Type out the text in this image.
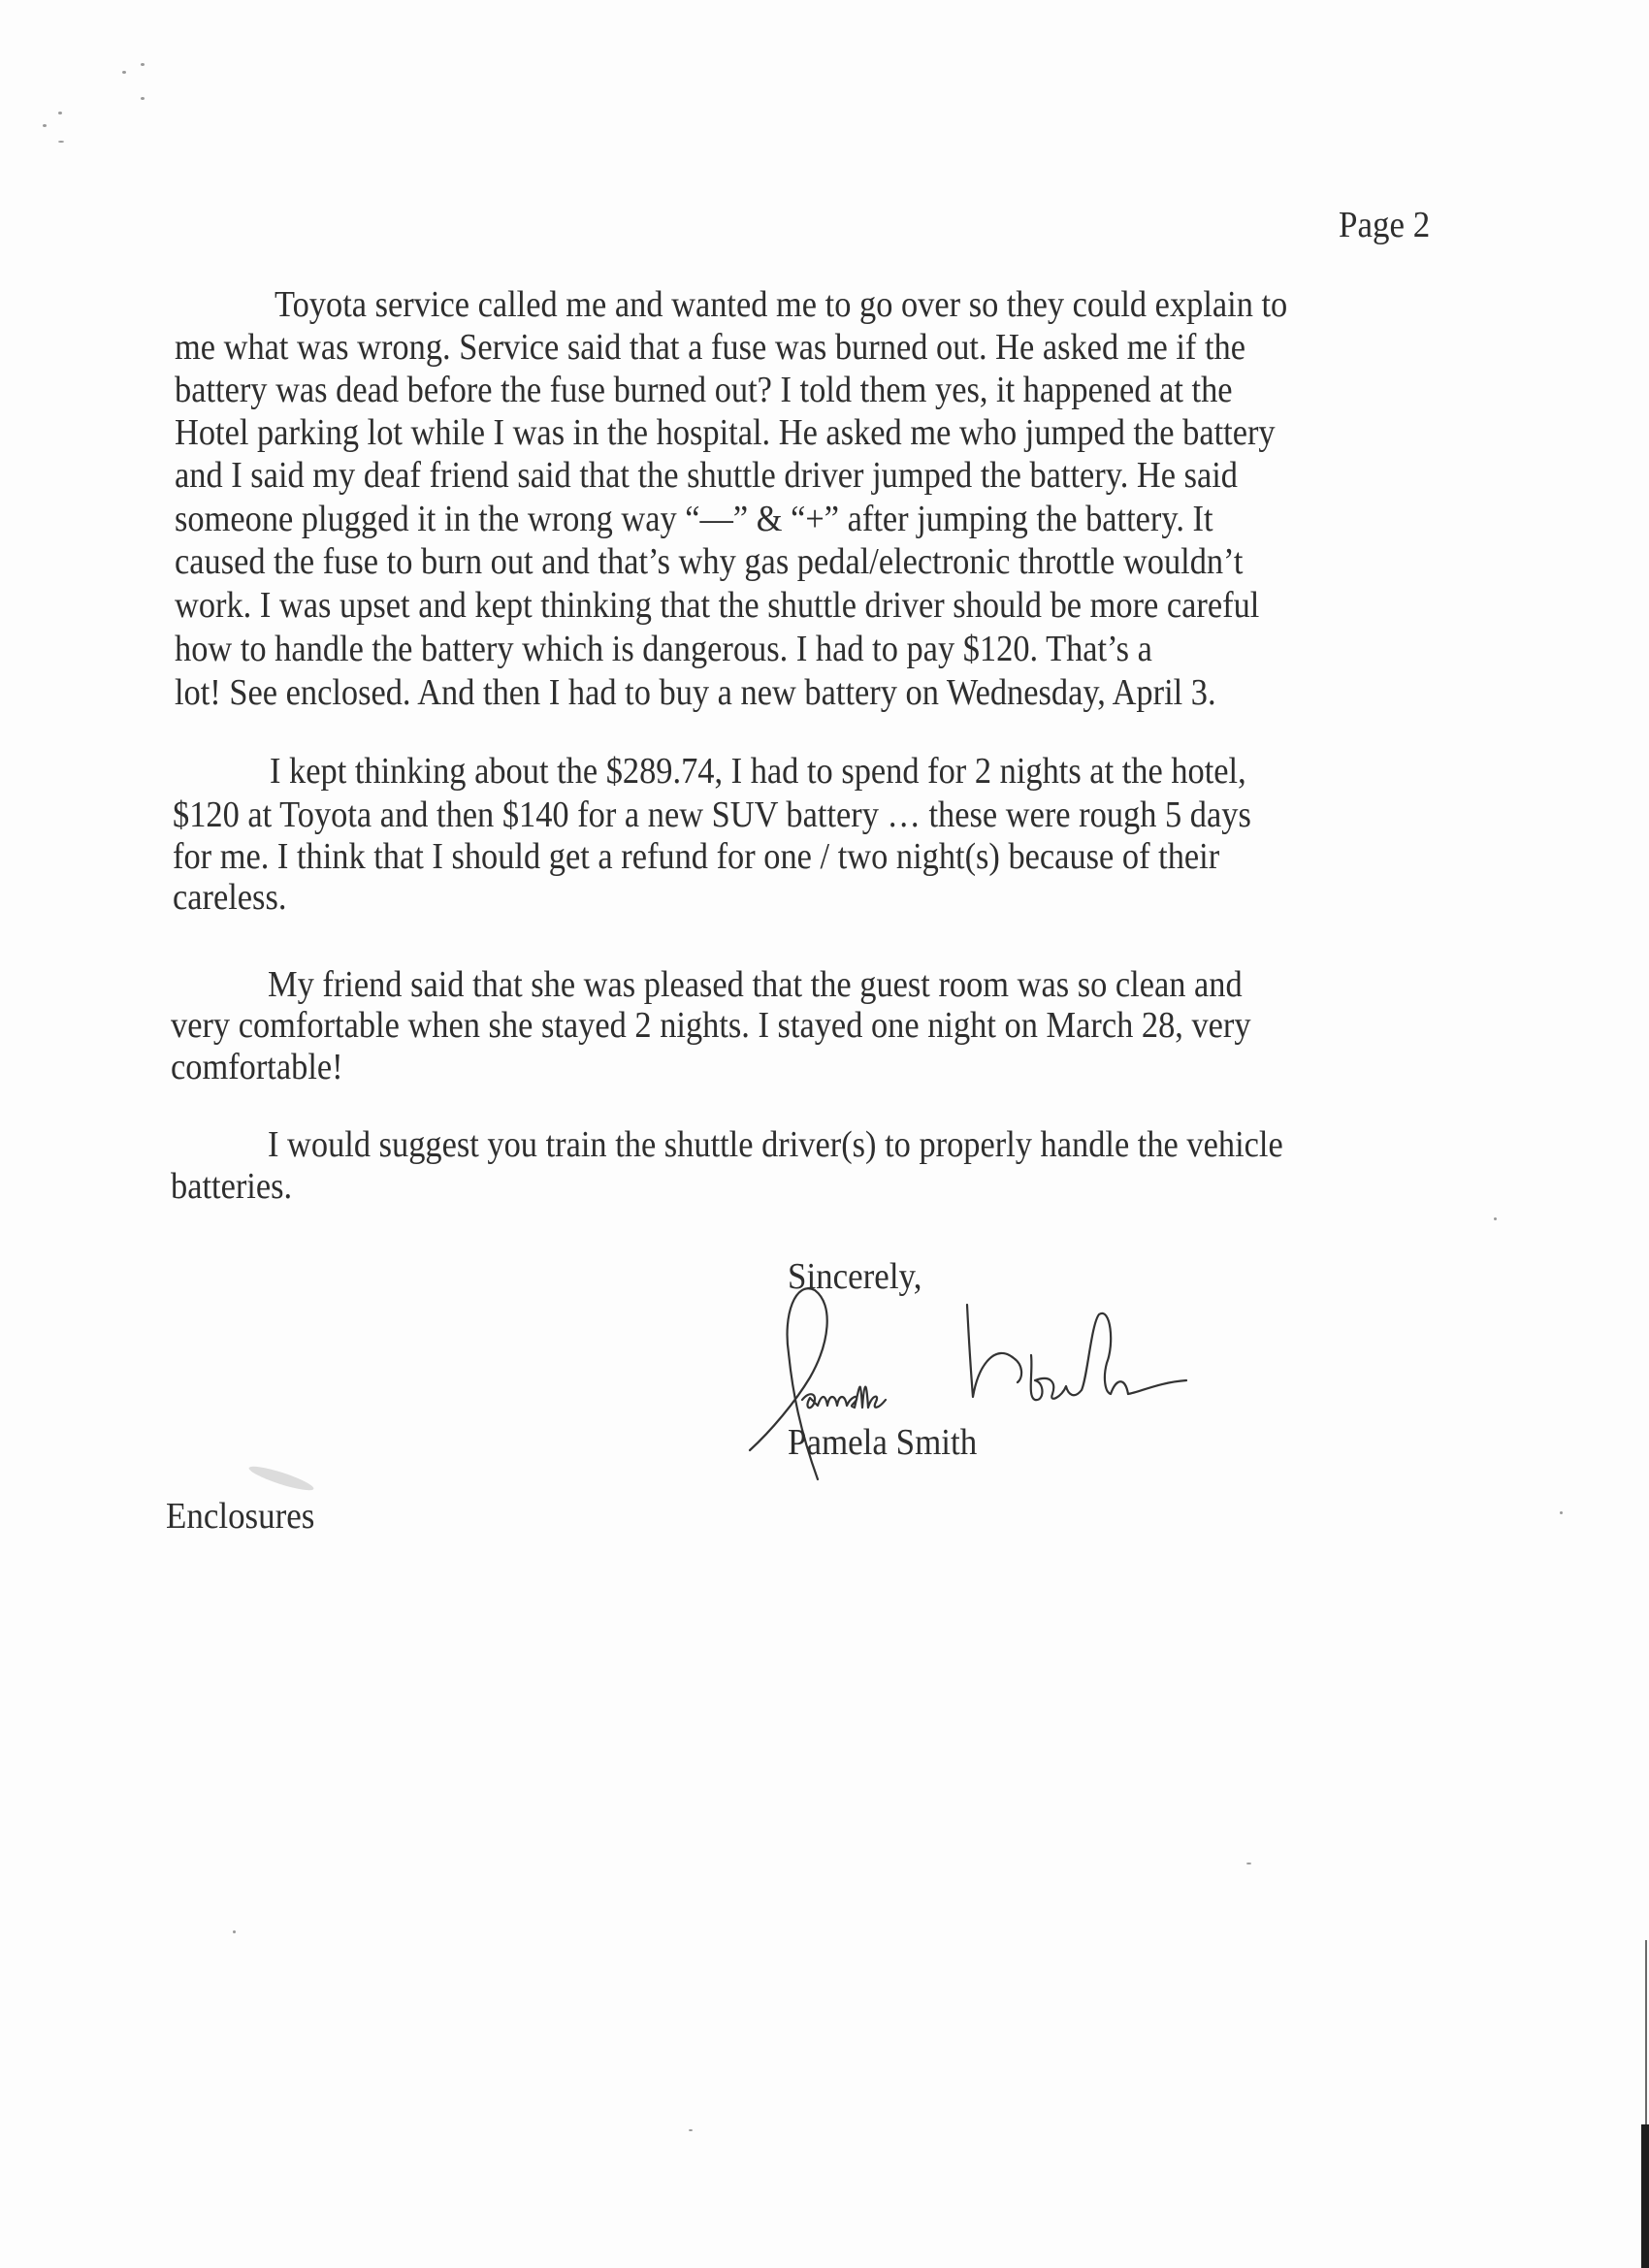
Page 2
Toyota service called me and wanted me to go over so they could explain to
me what was wrong. Service said that a fuse was burned out. He asked me if the
battery was dead before the fuse burned out? I told them yes, it happened at the
Hotel parking lot while I was in the hospital. He asked me who jumped the battery
and I said my deaf friend said that the shuttle driver jumped the battery. He said
someone plugged it in the wrong way “—” & “+” after jumping the battery. It
caused the fuse to burn out and that’s why gas pedal/electronic throttle wouldn’t
work. I was upset and kept thinking that the shuttle driver should be more careful
how to handle the battery which is dangerous. I had to pay $120. That’s a
lot! See enclosed. And then I had to buy a new battery on Wednesday, April 3.
I kept thinking about the $289.74, I had to spend for 2 nights at the hotel,
$120 at Toyota and then $140 for a new SUV battery … these were rough 5 days
for me. I think that I should get a refund for one / two night(s) because of their
careless.
My friend said that she was pleased that the guest room was so clean and
very comfortable when she stayed 2 nights. I stayed one night on March 28, very
comfortable!
I would suggest you train the shuttle driver(s) to properly handle the vehicle
batteries.
Sincerely,
Pamela Smith
Enclosures
